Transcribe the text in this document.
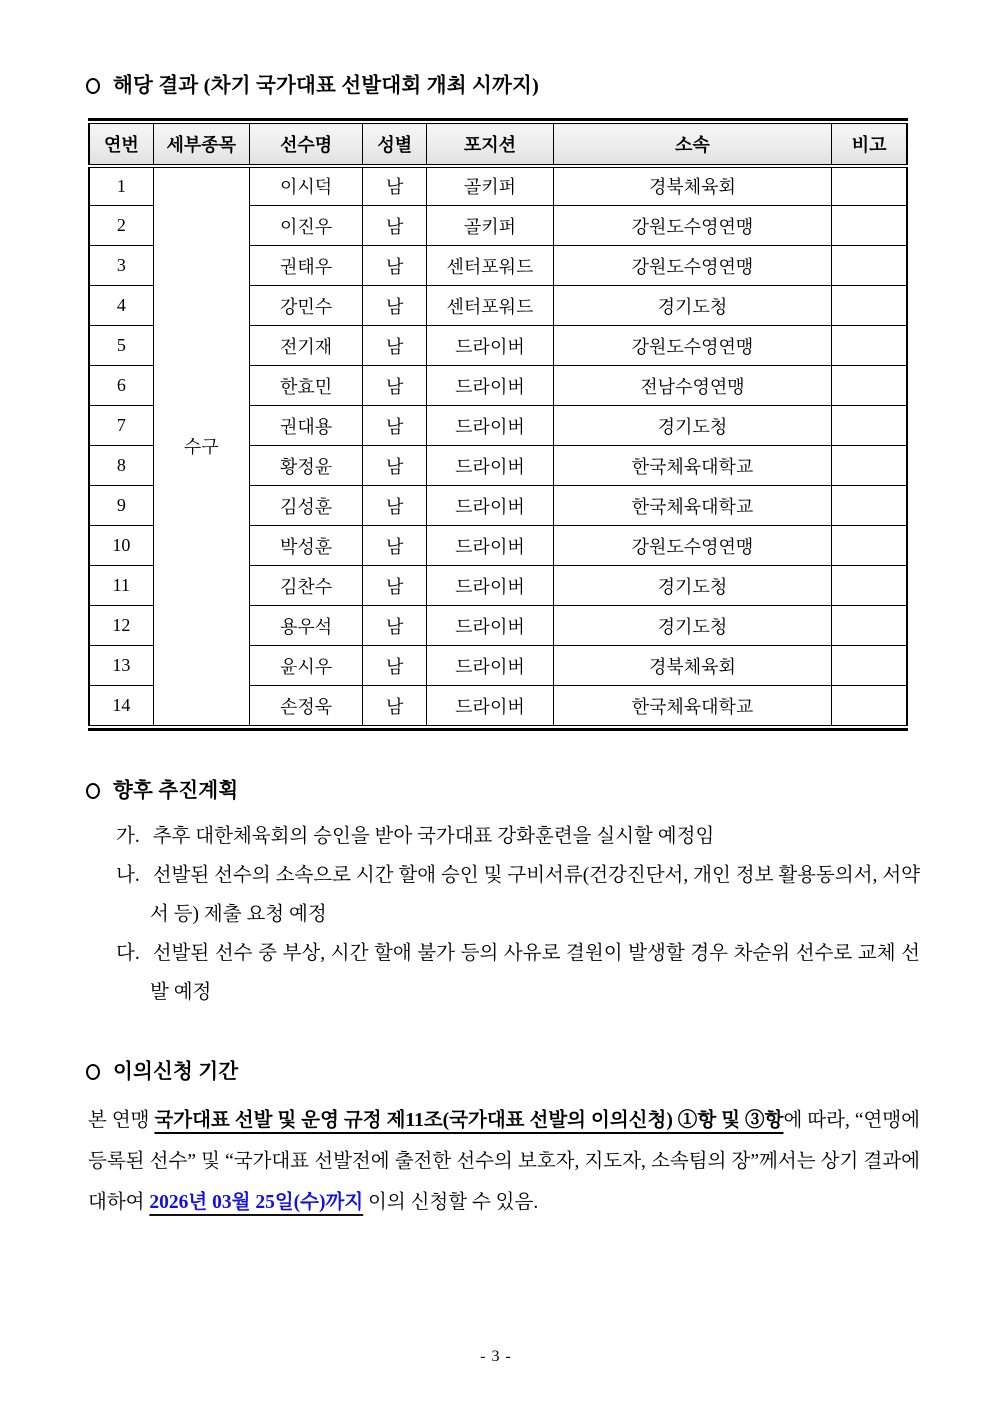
해당 결과 (차기 국가대표 선발대회 개최 시까지)
연번	세부종목	선수명	성별	포지션	소속	비고
1	수구	이시덕	남	골키퍼	경북체육회	
2		이진우	남	골키퍼	강원도수영연맹	
3		권태우	남	센터포워드	강원도수영연맹	
4		강민수	남	센터포워드	경기도청	
5		전기재	남	드라이버	강원도수영연맹	
6		한효민	남	드라이버	전남수영연맹	
7		권대용	남	드라이버	경기도청	
8		황정윤	남	드라이버	한국체육대학교	
9		김성훈	남	드라이버	한국체육대학교	
10		박성훈	남	드라이버	강원도수영연맹	
11		김찬수	남	드라이버	경기도청	
12		용우석	남	드라이버	경기도청	
13		윤시우	남	드라이버	경북체육회	
14		손정욱	남	드라이버	한국체육대학교	
향후 추진계획
가. 추후 대한체육회의 승인을 받아 국가대표 강화훈련을 실시할 예정임
나. 선발된 선수의 소속으로 시간 할애 승인 및 구비서류(건강진단서, 개인 정보 활용동의서, 서약서 등) 제출 요청 예정
다. 선발된 선수 중 부상, 시간 할애 불가 등의 사유로 결원이 발생할 경우 차순위 선수로 교체 선발 예정
이의신청 기간

본 연맹 국가대표 선발 및 운영 규정 제11조(국가대표 선발의 이의신청) ①항 및 ③항에 따라, “연맹에 등록된 선수” 및 “국가대표 선발전에 출전한 선수의 보호자, 지도자, 소속팀의 장”께서는 상기 결과에 대하여 2026년 03월 25일(수)까지 이의 신청할 수 있음.

- 3 -
